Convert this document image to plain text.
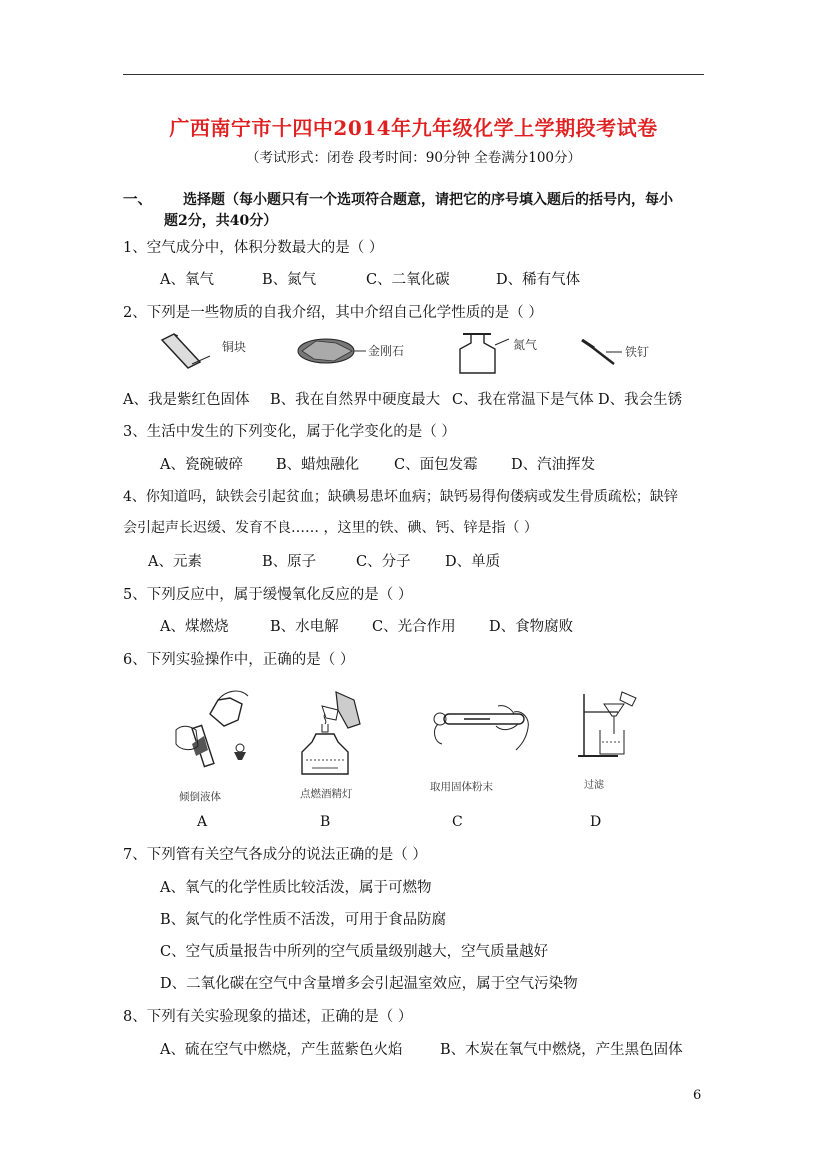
广西南宁市十四中2014年九年级化学上学期段考试卷
（考试形式：闭卷 段考时间：90分钟 全卷满分100分）
一、 选择题（每小题只有一个选项符合题意，请把它的序号填入题后的括号内，每小
题2分，共40分）
1、空气成分中，体积分数最大的是（ ）
A、氧气	B、氮气	C、二氧化碳	D、稀有气体
2、下列是一些物质的自我介绍，其中介绍自己化学性质的是（ ）
铜块	金刚石	氮气	铁钉
A、我是紫红色固体 B、我在自然界中硬度最大 C、我在常温下是气体 D、我会生锈
3、生活中发生的下列变化，属于化学变化的是（ ）
A、瓷碗破碎 B、蜡烛融化 C、面包发霉 D、汽油挥发
4、你知道吗，缺铁会引起贫血；缺碘易患坏血病；缺钙易得佝偻病或发生骨质疏松；缺锌
会引起声长迟缓、发育不良…… ，这里的铁、碘、钙、锌是指（ ）
A、元素	B、原子	C、分子 D、单质
5、下列反应中，属于缓慢氧化反应的是（ ）
A、煤燃烧	B、水电解 C、光合作用 D、食物腐败
6、下列实验操作中，正确的是（ ）
倾倒液体
A
点燃酒精灯
B
取用固体粉末
C
过滤
D
7、下列管有关空气各成分的说法正确的是（ ）
A、氧气的化学性质比较活泼，属于可燃物
B、氮气的化学性质不活泼，可用于食品防腐
C、空气质量报告中所列的空气质量级别越大，空气质量越好
D、二氧化碳在空气中含量增多会引起温室效应，属于空气污染物
8、下列有关实验现象的描述，正确的是（ ）
A、硫在空气中燃烧，产生蓝紫色火焰	B、木炭在氧气中燃烧，产生黑色固体
6
